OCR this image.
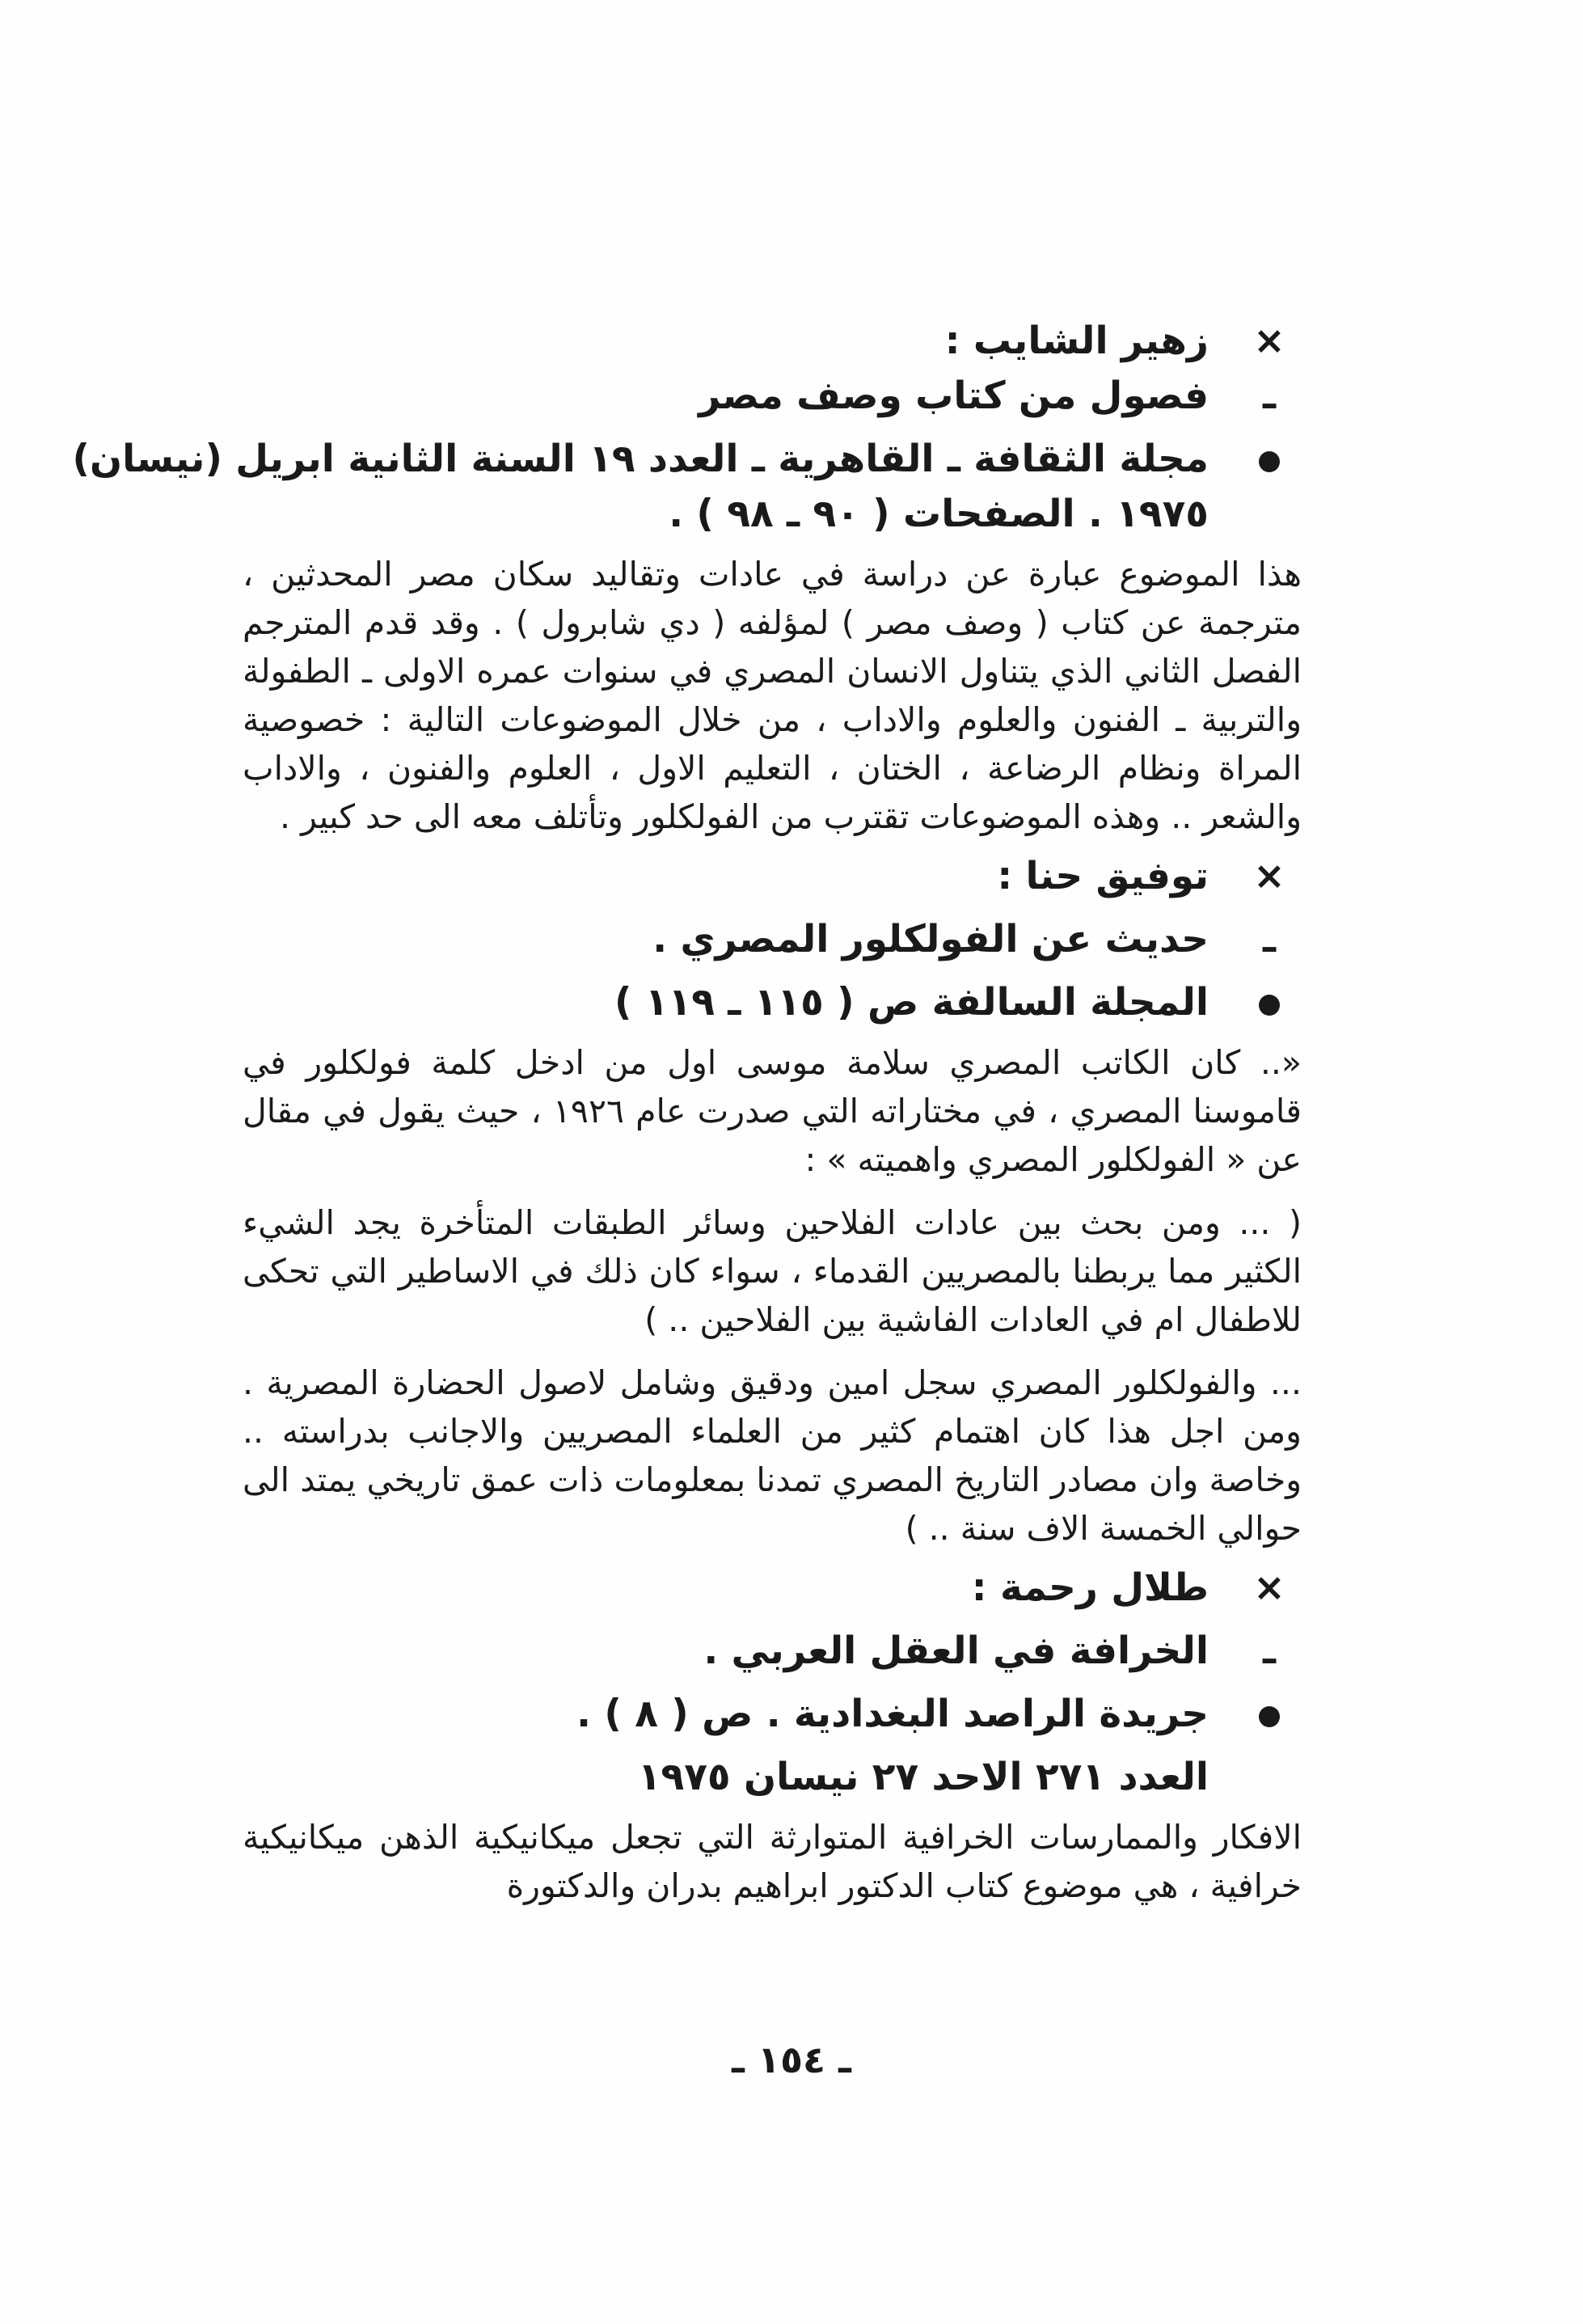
×
زهير الشايب :
ـ
فصول من كتاب وصف مصر
مجلة الثقافة ـ القاهرية ـ العدد ١٩ السنة الثانية ابريل (نيسان)
١٩٧٥ . الصفحات ( ٩٠ ـ ٩٨ ) .

هذا الموضوع عبارة عن دراسة في عادات وتقاليد سكان مصر المحدثين ، مترجمة عن كتاب ( وصف مصر ) لمؤلفه ( دي شابرول ) . وقد قدم المترجم الفصل الثاني الذي يتناول الانسان المصري في سنوات عمره الاولى ـ الطفولة والتربية ـ الفنون والعلوم والاداب ، من خلال الموضوعات التالية : خصوصية المراة ونظام الرضاعة ، الختان ، التعليم الاول ، العلوم والفنون ، والاداب والشعر .. وهذه الموضوعات تقترب من الفولكلور وتأتلف معه الى حد كبير .

×
توفيق حنا :
ـ
حديث عن الفولكلور المصري .
المجلة السالفة ص ( ١١٥ ـ ١١٩ )

«.. كان الكاتب المصري سلامة موسى اول من ادخل كلمة فولكلور في قاموسنا المصري ، في مختاراته التي صدرت عام ١٩٢٦ ، حيث يقول في مقال عن « الفولكلور المصري واهميته » :

( ... ومن بحث بين عادات الفلاحين وسائر الطبقات المتأخرة يجد الشيء الكثير مما يربطنا بالمصريين القدماء ، سواء كان ذلك في الاساطير التي تحكى للاطفال ام في العادات الفاشية بين الفلاحين .. )

... والفولكلور المصري سجل امين ودقيق وشامل لاصول الحضارة المصرية . ومن اجل هذا كان اهتمام كثير من العلماء المصريين والاجانب بدراسته .. وخاصة وان مصادر التاريخ المصري تمدنا بمعلومات ذات عمق تاريخي يمتد الى حوالي الخمسة الاف سنة .. )

×
طلال رحمة :
ـ
الخرافة في العقل العربي .
جريدة الراصد البغدادية . ص ( ٨ ) .
العدد ٢٧١ الاحد ٢٧ نيسان ١٩٧٥

الافكار والممارسات الخرافية المتوارثة التي تجعل ميكانيكية الذهن ميكانيكية خرافية ، هي موضوع كتاب الدكتور ابراهيم بدران والدكتورة

ـ ١٥٤ ـ
